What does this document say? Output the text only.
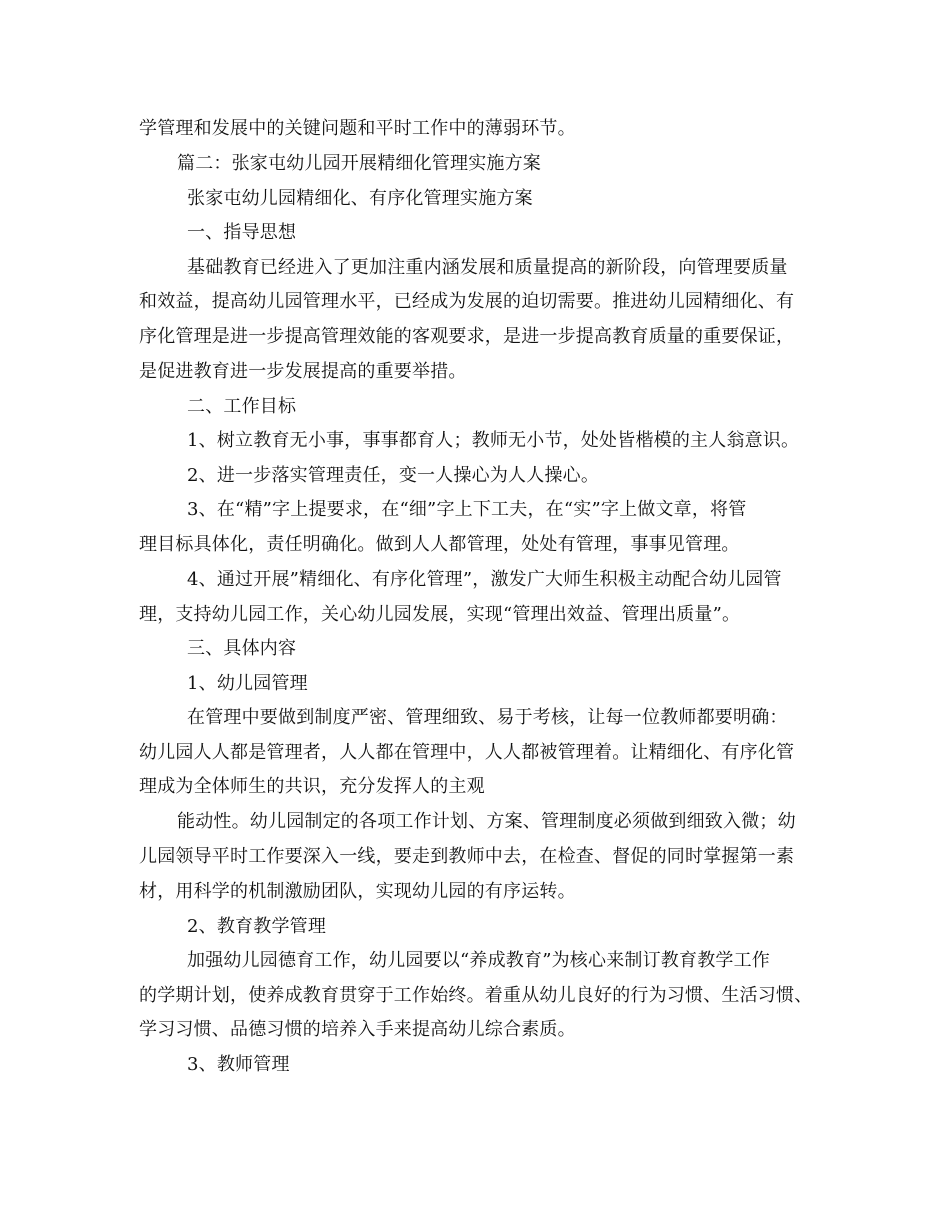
学管理和发展中的关键问题和平时工作中的薄弱环节。
篇二：张家屯幼儿园开展精细化管理实施方案
张家屯幼儿园精细化、有序化管理实施方案
一、指导思想
基础教育已经进入了更加注重内涵发展和质量提高的新阶段，向管理要质量
和效益，提高幼儿园管理水平，已经成为发展的迫切需要。推进幼儿园精细化、有
序化管理是进一步提高管理效能的客观要求，是进一步提高教育质量的重要保证，
是促进教育进一步发展提高的重要举措。
二、工作目标
1、树立教育无小事，事事都育人；教师无小节，处处皆楷模的主人翁意识。
2、进一步落实管理责任，变一人操心为人人操心。
3、在“精”字上提要求，在“细”字上下工夫，在“实”字上做文章，将管
理目标具体化，责任明确化。做到人人都管理，处处有管理，事事见管理。
4、通过开展”精细化、有序化管理”，激发广大师生积极主动配合幼儿园管
理，支持幼儿园工作，关心幼儿园发展，实现“管理出效益、管理出质量”。
三、具体内容
1、幼儿园管理
在管理中要做到制度严密、管理细致、易于考核，让每一位教师都要明确：
幼儿园人人都是管理者，人人都在管理中，人人都被管理着。让精细化、有序化管
理成为全体师生的共识，充分发挥人的主观
能动性。幼儿园制定的各项工作计划、方案、管理制度必须做到细致入微；幼
儿园领导平时工作要深入一线，要走到教师中去，在检查、督促的同时掌握第一素
材，用科学的机制激励团队，实现幼儿园的有序运转。
2、教育教学管理
加强幼儿园德育工作，幼儿园要以“养成教育”为核心来制订教育教学工作
的学期计划，使养成教育贯穿于工作始终。着重从幼儿良好的行为习惯、生活习惯、
学习习惯、品德习惯的培养入手来提高幼儿综合素质。
3、教师管理
